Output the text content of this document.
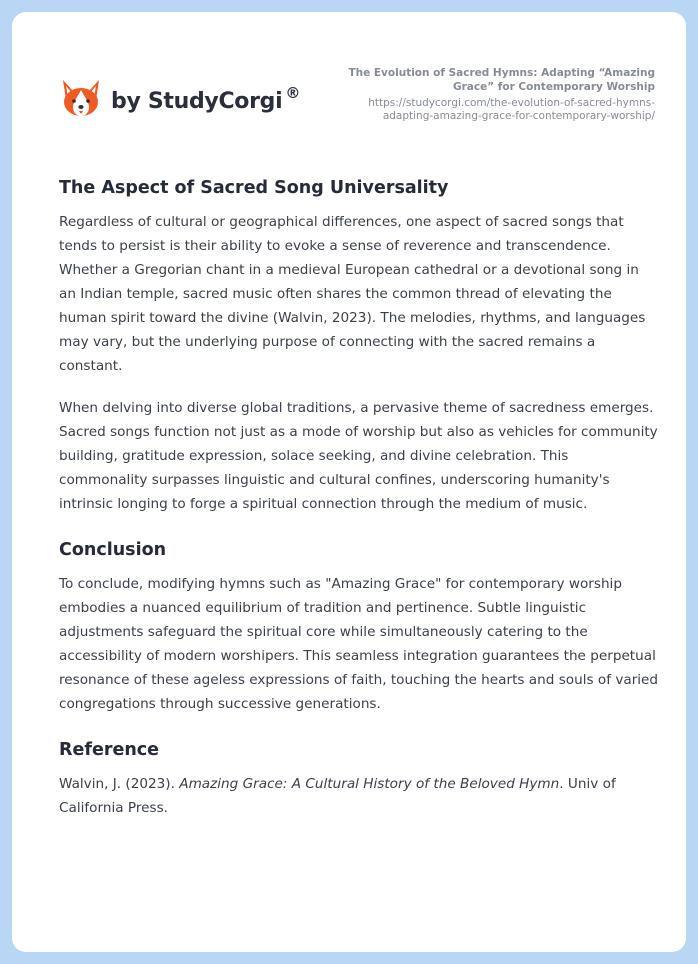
by StudyCorgi ®
The Evolution of Sacred Hymns: Adapting “Amazing Grace” for Contemporary Worship
https://studycorgi.com/the-evolution-of-sacred-hymns-adapting-amazing-grace-for-contemporary-worship/
The Aspect of Sacred Song Universality

Regardless of cultural or geographical differences, one aspect of sacred songs that tends to persist is their ability to evoke a sense of reverence and transcendence. Whether a Gregorian chant in a medieval European cathedral or a devotional song in an Indian temple, sacred music often shares the common thread of elevating the human spirit toward the divine (Walvin, 2023). The melodies, rhythms, and languages may vary, but the underlying purpose of connecting with the sacred remains a constant.

When delving into diverse global traditions, a pervasive theme of sacredness emerges. Sacred songs function not just as a mode of worship but also as vehicles for community building, gratitude expression, solace seeking, and divine celebration. This commonality surpasses linguistic and cultural confines, underscoring humanity's intrinsic longing to forge a spiritual connection through the medium of music.

Conclusion

To conclude, modifying hymns such as "Amazing Grace" for contemporary worship embodies a nuanced equilibrium of tradition and pertinence. Subtle linguistic adjustments safeguard the spiritual core while simultaneously catering to the accessibility of modern worshipers. This seamless integration guarantees the perpetual resonance of these ageless expressions of faith, touching the hearts and souls of varied congregations through successive generations.

Reference

Walvin, J. (2023). Amazing Grace: A Cultural History of the Beloved Hymn. Univ of California Press.
